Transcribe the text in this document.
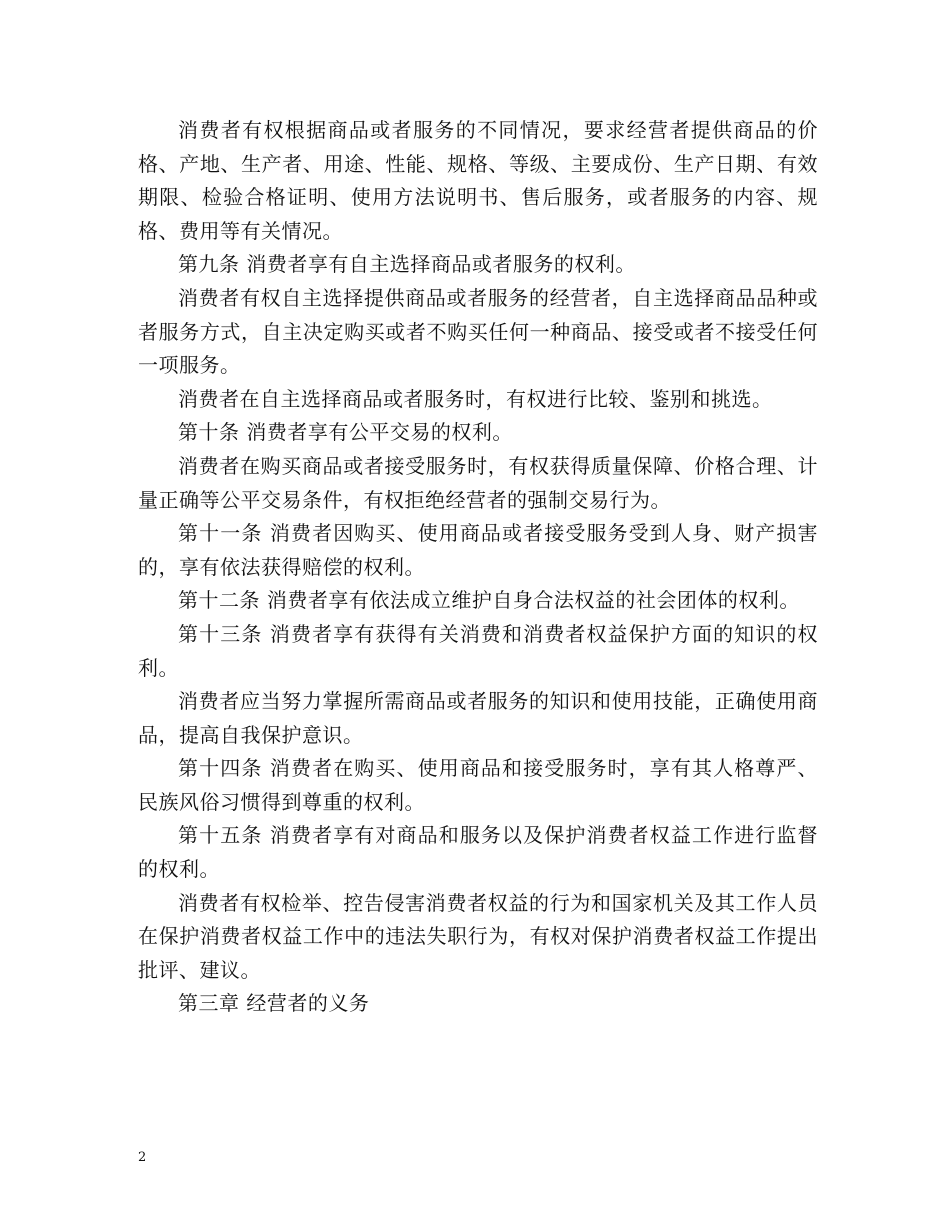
消费者有权根据商品或者服务的不同情况，要求经营者提供商品的价格、产地、生产者、用途、性能、规格、等级、主要成份、生产日期、有效期限、检验合格证明、使用方法说明书、售后服务，或者服务的内容、规格、费用等有关情况。

第九条 消费者享有自主选择商品或者服务的权利。

消费者有权自主选择提供商品或者服务的经营者，自主选择商品品种或者服务方式，自主决定购买或者不购买任何一种商品、接受或者不接受任何一项服务。

消费者在自主选择商品或者服务时，有权进行比较、鉴别和挑选。

第十条 消费者享有公平交易的权利。

消费者在购买商品或者接受服务时，有权获得质量保障、价格合理、计量正确等公平交易条件，有权拒绝经营者的强制交易行为。

第十一条 消费者因购买、使用商品或者接受服务受到人身、财产损害的，享有依法获得赔偿的权利。

第十二条 消费者享有依法成立维护自身合法权益的社会团体的权利。

第十三条 消费者享有获得有关消费和消费者权益保护方面的知识的权利。

消费者应当努力掌握所需商品或者服务的知识和使用技能，正确使用商品，提高自我保护意识。

第十四条 消费者在购买、使用商品和接受服务时，享有其人格尊严、民族风俗习惯得到尊重的权利。

第十五条 消费者享有对商品和服务以及保护消费者权益工作进行监督的权利。

消费者有权检举、控告侵害消费者权益的行为和国家机关及其工作人员在保护消费者权益工作中的违法失职行为，有权对保护消费者权益工作提出批评、建议。

第三章 经营者的义务

2
